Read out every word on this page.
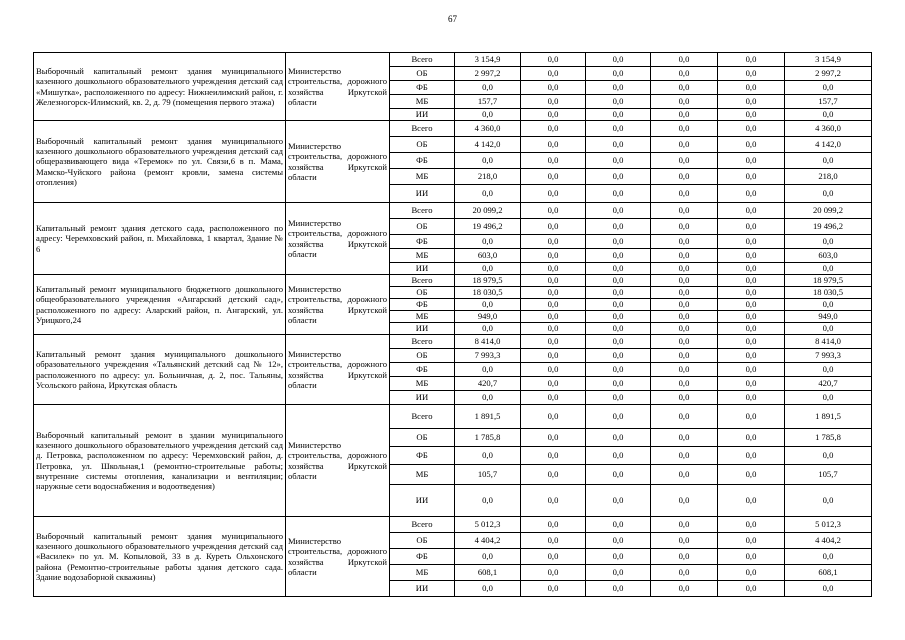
67
Выборочный капитальный ремонт здания муниципального казенного дошкольного образовательного учреждения детский сад «Мишутка», расположенного по адресу: Нижнеилимский район, г. Железногорск-Илимский, кв. 2, д. 79 (помещения первого этажа)	Министерство строительства, дорожного хозяйства Иркутской области	Всего	3 154,9	0,0	0,0	0,0	0,0	3 154,9
		ОБ	2 997,2	0,0	0,0	0,0	0,0	2 997,2
		ФБ	0,0	0,0	0,0	0,0	0,0	0,0
		МБ	157,7	0,0	0,0	0,0	0,0	157,7
		ИИ	0,0	0,0	0,0	0,0	0,0	0,0
Выборочный капитальный ремонт здания муниципального казенного дошкольного образовательного учреждения детский сад общеразвивающего вида «Теремок» по ул. Связи,6 в п. Мама, Мамско-Чуйского района (ремонт кровли, замена системы отопления)	Министерство строительства, дорожного хозяйства Иркутской области	Всего	4 360,0	0,0	0,0	0,0	0,0	4 360,0
		ОБ	4 142,0	0,0	0,0	0,0	0,0	4 142,0
		ФБ	0,0	0,0	0,0	0,0	0,0	0,0
		МБ	218,0	0,0	0,0	0,0	0,0	218,0
		ИИ	0,0	0,0	0,0	0,0	0,0	0,0
Капитальный ремонт здания детского сада, расположенного по адресу: Черемховский район, п. Михайловка, 1 квартал, Здание № 6	Министерство строительства, дорожного хозяйства Иркутской области	Всего	20 099,2	0,0	0,0	0,0	0,0	20 099,2
		ОБ	19 496,2	0,0	0,0	0,0	0,0	19 496,2
		ФБ	0,0	0,0	0,0	0,0	0,0	0,0
		МБ	603,0	0,0	0,0	0,0	0,0	603,0
		ИИ	0,0	0,0	0,0	0,0	0,0	0,0
Капитальный ремонт муниципального бюджетного дошкольного общеобразовательного учреждения «Ангарский детский сад», расположенного по адресу: Аларский район, п. Ангарский, ул. Урицкого,24	Министерство строительства, дорожного хозяйства Иркутской области	Всего	18 979,5	0,0	0,0	0,0	0,0	18 979,5
		ОБ	18 030,5	0,0	0,0	0,0	0,0	18 030,5
		ФБ	0,0	0,0	0,0	0,0	0,0	0,0
		МБ	949,0	0,0	0,0	0,0	0,0	949,0
		ИИ	0,0	0,0	0,0	0,0	0,0	0,0
Капитальный ремонт здания муниципального дошкольного образовательного учреждения «Тальянский детский сад № 12», расположенного по адресу: ул. Больничная, д. 2, пос. Тальяны, Усольского района, Иркутская область	Министерство строительства, дорожного хозяйства Иркутской области	Всего	8 414,0	0,0	0,0	0,0	0,0	8 414,0
		ОБ	7 993,3	0,0	0,0	0,0	0,0	7 993,3
		ФБ	0,0	0,0	0,0	0,0	0,0	0,0
		МБ	420,7	0,0	0,0	0,0	0,0	420,7
		ИИ	0,0	0,0	0,0	0,0	0,0	0,0
Выборочный капитальный ремонт в здании муниципального казенного дошкольного образовательного учреждения детский сад д. Петровка, расположенном по адресу: Черемховский район, д. Петровка, ул. Школьная,1 (ремонтно-строительные работы; внутренние системы отопления, канализации и вентиляции; наружные сети водоснабжения и водоотведения)	Министерство строительства, дорожного хозяйства Иркутской области	Всего	1 891,5	0,0	0,0	0,0	0,0	1 891,5
		ОБ	1 785,8	0,0	0,0	0,0	0,0	1 785,8
		ФБ	0,0	0,0	0,0	0,0	0,0	0,0
		МБ	105,7	0,0	0,0	0,0	0,0	105,7
		ИИ	0,0	0,0	0,0	0,0	0,0	0,0
Выборочный капитальный ремонт здания муниципального казенного дошкольного образовательного учреждения детский сад «Василек» по ул. М. Копыловой, 33 в д. Куреть Ольхонского района (Ремонтно-строительные работы здания детского сада. Здание водозаборной скважины)	Министерство строительства, дорожного хозяйства Иркутской области	Всего	5 012,3	0,0	0,0	0,0	0,0	5 012,3
		ОБ	4 404,2	0,0	0,0	0,0	0,0	4 404,2
		ФБ	0,0	0,0	0,0	0,0	0,0	0,0
		МБ	608,1	0,0	0,0	0,0	0,0	608,1
		ИИ	0,0	0,0	0,0	0,0	0,0	0,0
